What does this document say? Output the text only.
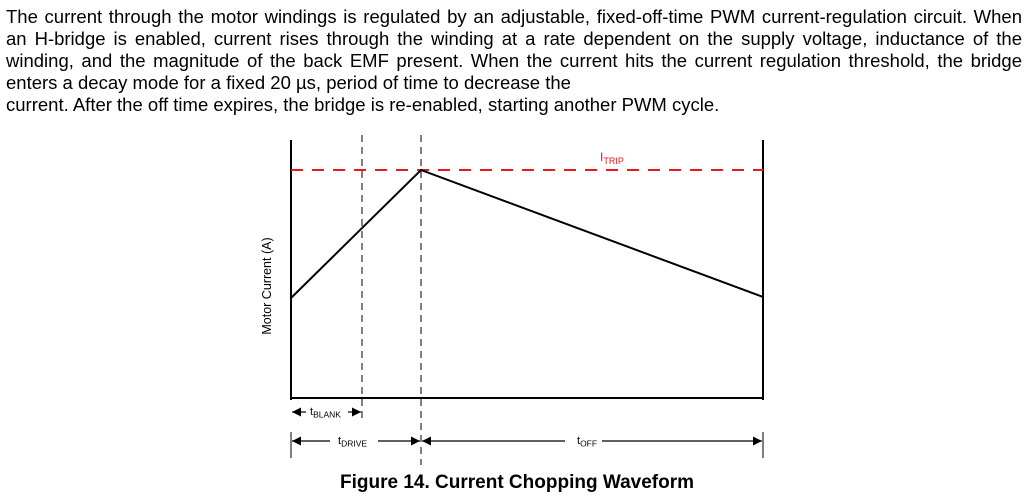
The current through the motor windings is regulated by an adjustable, fixed-off-time PWM current-regulation circuit. When an H-bridge is enabled, current rises through the winding at a rate dependent on the supply voltage, inductance of the winding, and the magnitude of the back EMF present. When the current hits the current regulation threshold, the bridge enters a decay mode for a fixed 20 µs, period of time to decrease the

current. After the off time expires, the bridge is re-enabled, starting another PWM cycle.

$I_{TRIP}$
Motor Current (A)
$t_{BLANK}$
$t_{DRIVE}$	$t_{OFF}$

Figure 14. Current Chopping Waveform
